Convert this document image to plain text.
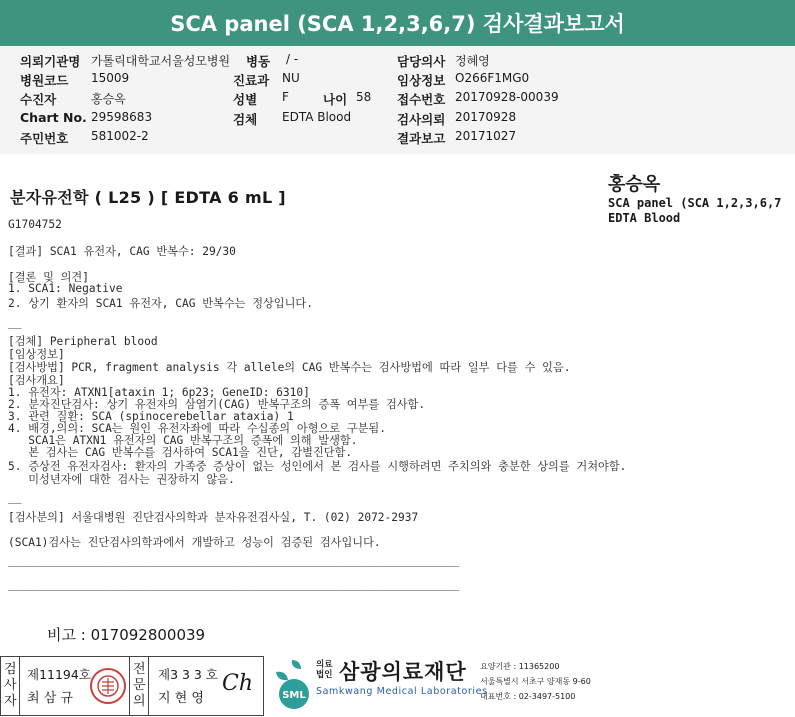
SCA panel (SCA 1,2,3,6,7) 검사결과보고서
의뢰기관명 가톨릭대학교서울성모병원 병동 / -	담당의사 정혜영
병원코드 15009	진료과 NU	임상정보 O266F1MG0
수진자	홍승옥	성별 F	나이 58 접수번호 20170928-00039
Chart No. 29598683	검체 EDTA Blood	검사의뢰 20170928
주민번호 581002-2	결과보고 20171027
분자유전학 ( L25 ) [ EDTA 6 mL ]
홍승옥
SCA panel (SCA 1,2,3,6,7
EDTA Blood

G1704752

[결과] SCA1 유전자, CAG 반복수: 29/30

[결론 및 의견]

1. SCA1: Negative

2. 상기 환자의 SCA1 유전자, CAG 반복수는 정상입니다.

__

[검체] Peripheral blood

[임상정보]

[검사방법] PCR, fragment analysis 각 allele의 CAG 반복수는 검사방법에 따라 일부 다를 수 있음.

[검사개요]

1. 유전자: ATXN1[ataxin 1; 6p23; GeneID: 6310]

2. 분자진단검사: 상기 유전자의 삼염기(CAG) 반복구조의 증폭 여부를 검사함.

3. 관련 질환: SCA (spinocerebellar ataxia) 1

4. 배경,의의: SCA는 원인 유전자좌에 따라 수십종의 아형으로 구분됨.

SCA1은 ATXN1 유전자의 CAG 반복구조의 증폭에 의해 발생함.

본 검사는 CAG 반복수를 검사하여 SCA1을 진단, 감별진단함.

5. 증상전 유전자검사: 환자의 가족중 증상이 없는 성인에서 본 검사를 시행하려면 주치의와 충분한 상의를 거쳐야함.

미성년자에 대한 검사는 권장하지 않음.

__

[검사분의] 서울대병원 진단검사의학과 분자유전검사실, T. (02) 2072-2937

(SCA1)검사는 진단검사의학과에서 개발하고 성능이 검증된 검사입니다.

___________________________________________________________________

___________________________________________________________________

비고 : 017092800039
검
사
자
제11194호
최 삼 규
전
문
의
제3 3 3 호
지 현 영
Ch	SML
의료
법인 삼광의료재단
Samkwang Medical Laboratories
요양기관 : 11365200
서울특별시 서초구 양재동 9-60
대표번호 : 02-3497-5100
